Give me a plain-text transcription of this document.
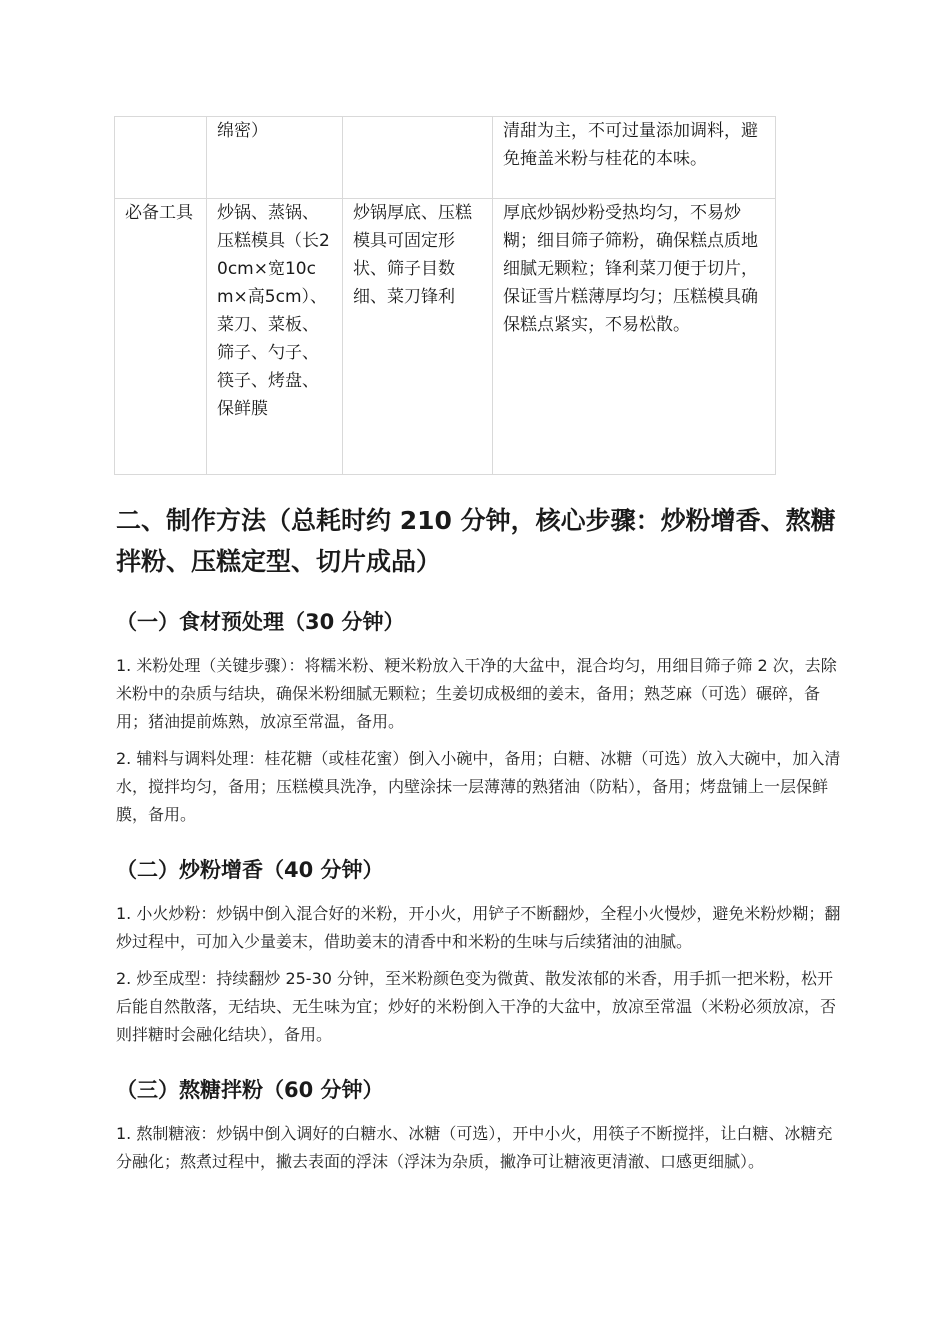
	绵密）		清甜为主，不可过量添加调料，避免掩盖米粉与桂花的本味。
必备工具	炒锅、蒸锅、压糕模具（长20cm×宽10cm×高5cm）、菜刀、菜板、筛子、勺子、筷子、烤盘、保鲜膜	炒锅厚底、压糕模具可固定形状、筛子目数细、菜刀锋利	厚底炒锅炒粉受热均匀，不易炒糊；细目筛子筛粉，确保糕点质地细腻无颗粒；锋利菜刀便于切片，保证雪片糕薄厚均匀；压糕模具确保糕点紧实，不易松散。
二、制作方法（总耗时约 210 分钟，核心步骤：炒粉增香、熬糖拌粉、压糕定型、切片成品）
（一）食材预处理（30 分钟）

1. 米粉处理（关键步骤）：将糯米粉、粳米粉放入干净的大盆中，混合均匀，用细目筛子筛 2 次，去除米粉中的杂质与结块，确保米粉细腻无颗粒；生姜切成极细的姜末，备用；熟芝麻（可选）碾碎，备用；猪油提前炼熟，放凉至常温，备用。

2. 辅料与调料处理：桂花糖（或桂花蜜）倒入小碗中，备用；白糖、冰糖（可选）放入大碗中，加入清水，搅拌均匀，备用；压糕模具洗净，内壁涂抹一层薄薄的熟猪油（防粘），备用；烤盘铺上一层保鲜膜，备用。

（二）炒粉增香（40 分钟）

1. 小火炒粉：炒锅中倒入混合好的米粉，开小火，用铲子不断翻炒，全程小火慢炒，避免米粉炒糊；翻炒过程中，可加入少量姜末，借助姜末的清香中和米粉的生味与后续猪油的油腻。

2. 炒至成型：持续翻炒 25-30 分钟，至米粉颜色变为微黄、散发浓郁的米香，用手抓一把米粉，松开后能自然散落，无结块、无生味为宜；炒好的米粉倒入干净的大盆中，放凉至常温（米粉必须放凉，否则拌糖时会融化结块），备用。

（三）熬糖拌粉（60 分钟）

1. 熬制糖液：炒锅中倒入调好的白糖水、冰糖（可选），开中小火，用筷子不断搅拌，让白糖、冰糖充分融化；熬煮过程中，撇去表面的浮沫（浮沫为杂质，撇净可让糖液更清澈、口感更细腻）。
